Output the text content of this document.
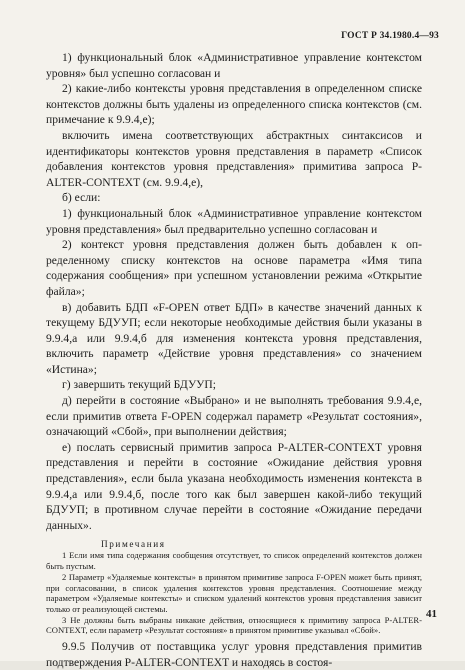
ГОСТ Р 34.1980.4—93

1) функциональный блок «Административное управление контекстом уровня» был успешно согласован и

2) какие-либо контексты уровня представления в определенном списке контекстов должны быть удалены из определенного списка контекстов (см. примечание к 9.9.4,е);

включить имена соответствующих абстрактных синтаксисов и идентификаторы контекстов уровня представления в параметр «Список добавления контекстов уровня представления» примитива запроса P-ALTER-CONTEXT (см. 9.9.4,е),

б) если:

1) функциональный блок «Административное управление контекстом уровня представления» был предварительно успешно согласован и

2) контекст уровня представления должен быть добавлен к определенному списку контекстов на основе параметра «Имя типа содержания сообщения» при успешном установлении режима «Открытие файла»;

в) добавить БДП «F-OPEN ответ БДП» в качестве значений данных к текущему БДУУП; если некоторые необходимые действия были указаны в 9.9.4,а или 9.9.4,б для изменения контекста уровня представления, включить параметр «Действие уровня представления» со значением «Истина»;

г) завершить текущий БДУУП;

д) перейти в состояние «Выбрано» и не выполнять требования 9.9.4,е, если примитив ответа F-OPEN содержал параметр «Результат состояния», означающий «Сбой», при выполнении действия;

е) послать сервисный примитив запроса P-ALTER-CONTEXT уровня представления и перейти в состояние «Ожидание действия уровня представления», если была указана необходимость изменения контекста в 9.9.4,а или 9.9.4,б, после того как был завершен какой-либо текущий БДУУП; в противном случае перейти в состояние «Ожидание передачи данных».

Примечания

1 Если имя типа содержания сообщения отсутствует, то список определений контекстов должен быть пустым.

2 Параметр «Удаляемые контексты» в принятом примитиве запроса F-OPEN может быть принят, при согласовании, в список удаления контекстов уровня представления. Соотношение между параметром «Удаляемые контексты» и списком удалений контекстов уровня представления зависит только от реализующей системы.

3 Не должны быть выбраны никакие действия, относящиеся к примитиву запроса P-ALTER-CONTEXT, если параметр «Результат состояния» в принятом примитиве указывал «Сбой».

9.9.5 Получив от поставщика услуг уровня представления примитив подтверждения P-ALTER-CONTEXT и находясь в состоя-

41
